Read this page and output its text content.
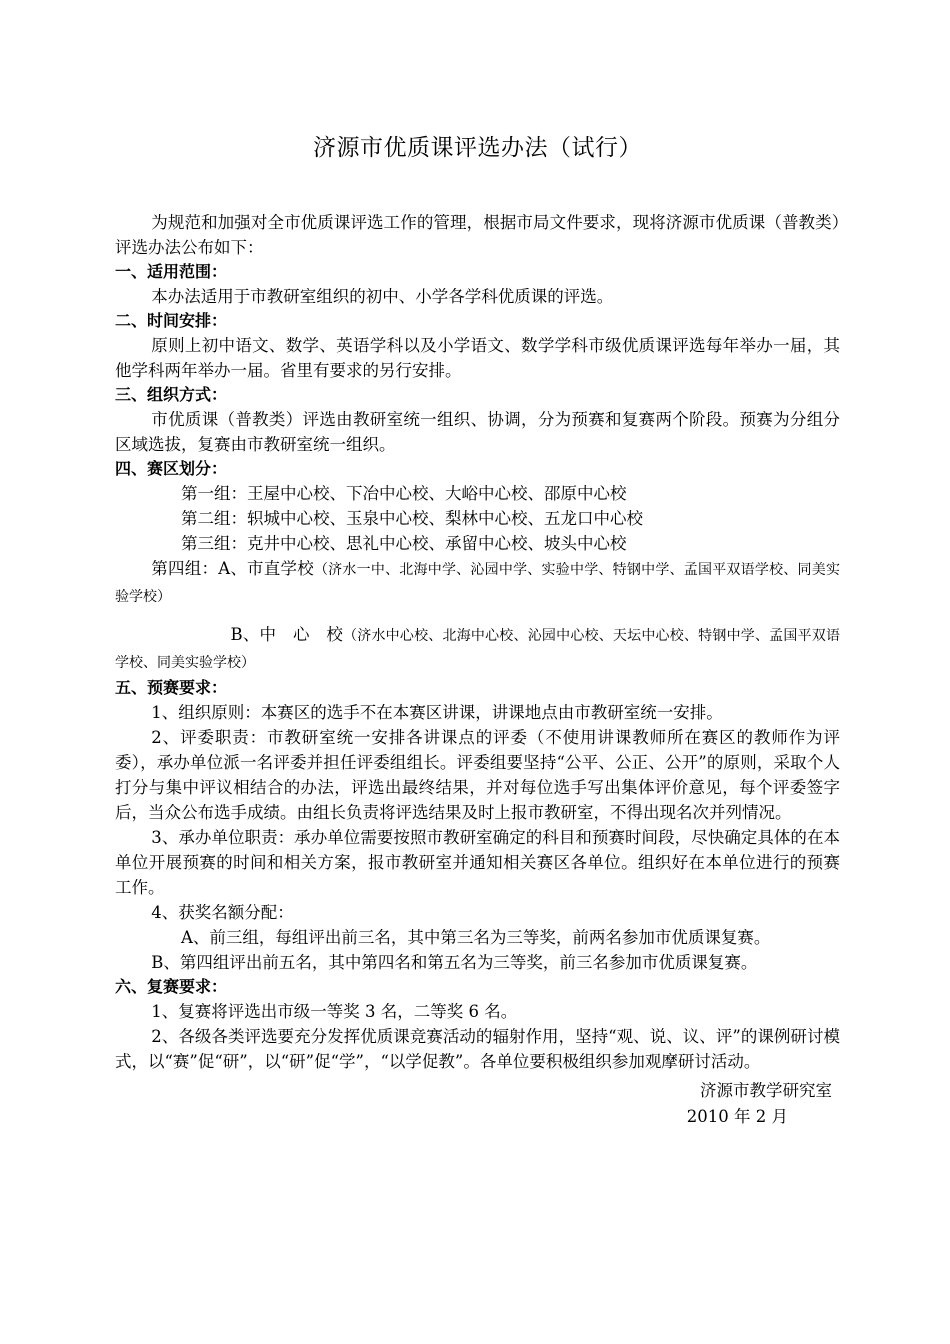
济源市优质课评选办法（试行）

为规范和加强对全市优质课评选工作的管理，根据市局文件要求，现将济源市优质课（普教类）评选办法公布如下：

一、适用范围：

本办法适用于市教研室组织的初中、小学各学科优质课的评选。

二、时间安排：

原则上初中语文、数学、英语学科以及小学语文、数学学科市级优质课评选每年举办一届，其他学科两年举办一届。省里有要求的另行安排。

三、组织方式：

市优质课（普教类）评选由教研室统一组织、协调，分为预赛和复赛两个阶段。预赛为分组分区域选拔，复赛由市教研室统一组织。

四、赛区划分：

第一组：王屋中心校、下冶中心校、大峪中心校、邵原中心校

第二组：轵城中心校、玉泉中心校、梨林中心校、五龙口中心校

第三组：克井中心校、思礼中心校、承留中心校、坡头中心校

第四组：A、市直学校（济水一中、北海中学、沁园中学、实验中学、特钢中学、孟国平双语学校、同美实验学校）

B、中　心　校（济水中心校、北海中心校、沁园中心校、天坛中心校、特钢中学、孟国平双语学校、同美实验学校）

五、预赛要求：

1、组织原则：本赛区的选手不在本赛区讲课，讲课地点由市教研室统一安排。

2、评委职责：市教研室统一安排各讲课点的评委（不使用讲课教师所在赛区的教师作为评委），承办单位派一名评委并担任评委组组长。评委组要坚持“公平、公正、公开”的原则，采取个人打分与集中评议相结合的办法，评选出最终结果，并对每位选手写出集体评价意见，每个评委签字后，当众公布选手成绩。由组长负责将评选结果及时上报市教研室，不得出现名次并列情况。

3、承办单位职责：承办单位需要按照市教研室确定的科目和预赛时间段，尽快确定具体的在本单位开展预赛的时间和相关方案，报市教研室并通知相关赛区各单位。组织好在本单位进行的预赛工作。

4、获奖名额分配：

A、前三组，每组评出前三名，其中第三名为三等奖，前两名参加市优质课复赛。

B、第四组评出前五名，其中第四名和第五名为三等奖，前三名参加市优质课复赛。

六、复赛要求：

1、复赛将评选出市级一等奖 3 名，二等奖 6 名。

2、各级各类评选要充分发挥优质课竞赛活动的辐射作用，坚持“观、说、议、评”的课例研讨模式，以“赛”促“研”，以“研”促“学”，“以学促教”。各单位要积极组织参加观摩研讨活动。

济源市教学研究室
2010 年 2 月
